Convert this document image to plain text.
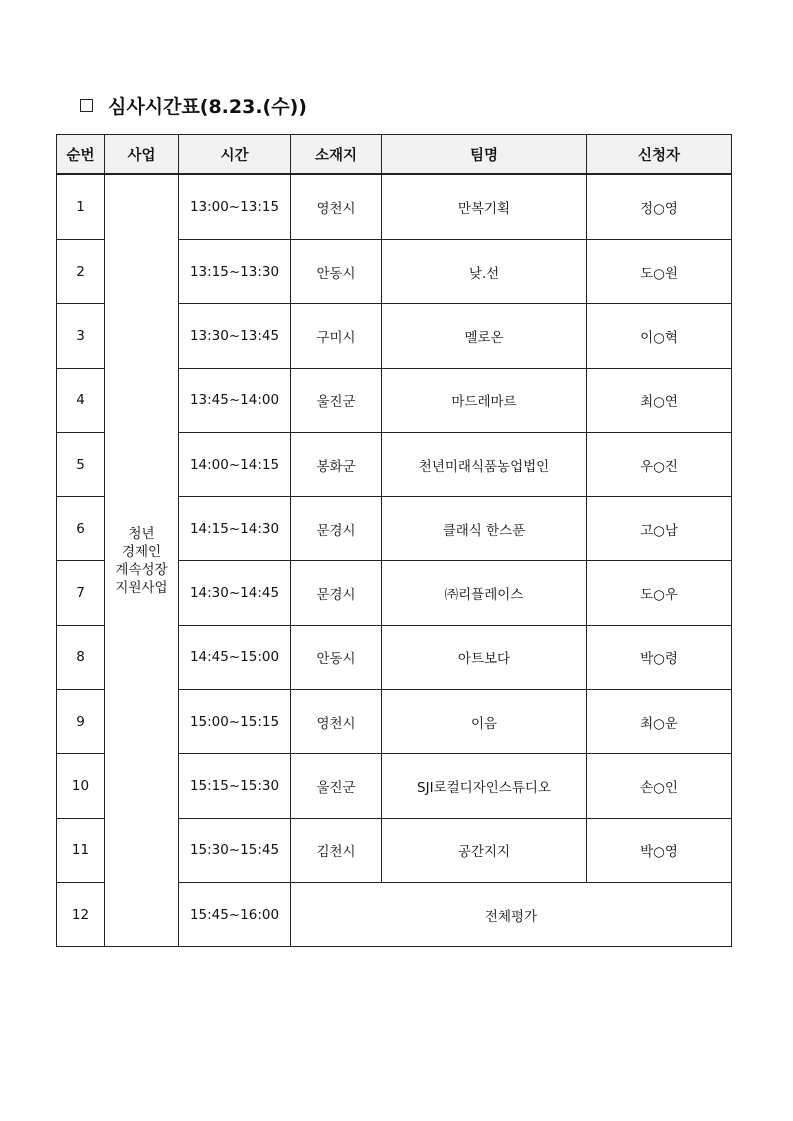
심사시간표(8.23.(수))
순번	사업	시간	소재지	팀명	신청자
1	청년
경제인
계속성장
지원사업	13:00~13:15	영천시	만복기획	정○영
2		13:15~13:30	안동시	낮.선	도○원
3		13:30~13:45	구미시	멜로온	이○혁
4		13:45~14:00	울진군	마드레마르	최○연
5		14:00~14:15	봉화군	천년미래식품농업법인	우○진
6		14:15~14:30	문경시	클래식 한스푼	고○남
7		14:30~14:45	문경시	㈜리플레이스	도○우
8		14:45~15:00	안동시	아트보다	박○령
9		15:00~15:15	영천시	이음	최○운
10		15:15~15:30	울진군	SJI로컬디자인스튜디오	손○인
11		15:30~15:45	김천시	공간지지	박○영
12		15:45~16:00	전체평가		
